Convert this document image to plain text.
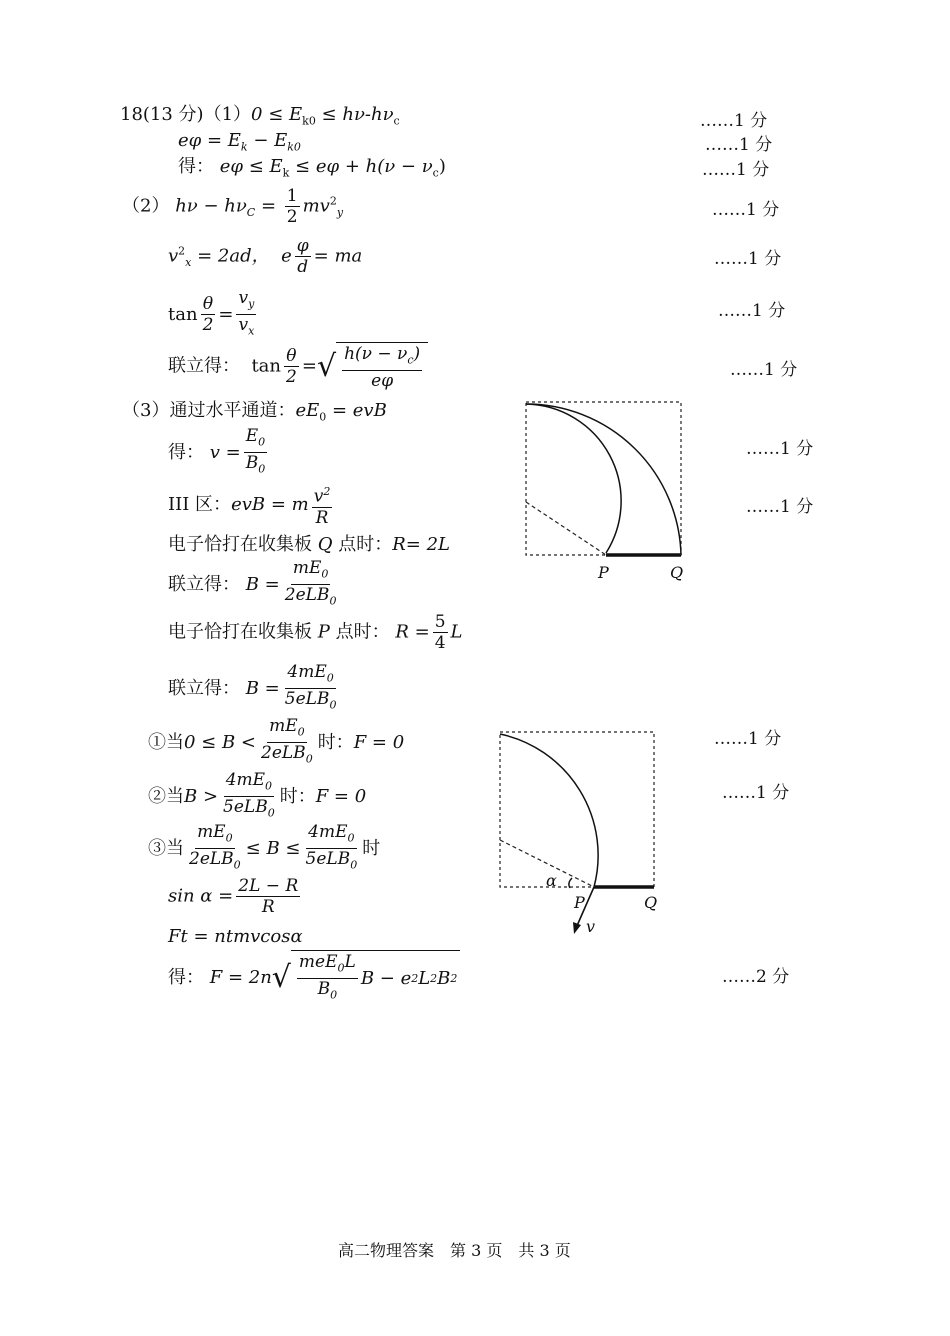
18(13 分)$(1)0 \le E_{k0} \le h\nu-h\nu_c$
$e\varphi = E_k - E_{k0}$
得： $e\varphi \le E_k \le e\varphi + h(\nu - \nu_c)$
（2） $h\nu - h\nu_C = \frac{1}{2} mv^2_y$
$v^2_x = 2ad$， e $\frac{\varphi}{d}$ = ma
$\tan \frac{\theta}{2} = \frac{v_y}{v_x}$
联立得： $\tan \frac{\theta}{2}$ = √ $\frac{h(\nu - \nu_c)}{e\varphi}$
（3）通过水平通道：$eE_0$ = evB
得： $v = \frac{E_0}{B_0}$
III 区：evB = m $\frac{v^2}{R}$
电子恰打在收集板 Q 点时：R= 2L
联立得： $B = \frac{mE_0}{2eLB_0}$
电子恰打在收集板 P 点时： $R = \frac{5}{4}$ L
联立得： $B = \frac{4mE_0}{5eLB_0}$
①当$0 \le B < \frac{mE_0}{2eLB_0}$ 时：F = 0
②当$B > \frac{4mE_0}{5eLB_0}$ 时：F = 0
③当 $\frac{mE_0}{2eLB_0} \le B \le \frac{4mE_0}{5eLB_0}$ 时
$\sin \alpha = \frac{2L - R}{R}$
Ft = ntmvcosα
得： F = 2n √ $\frac{meE_0L}{B_0}$ B − e 2 L 2 B 2
……1 分
……1 分
……1 分
……1 分
……1 分
……1 分
……1 分
……1 分
……1 分
……1 分
……1 分
……2 分
P	Q
α
P	Q
v
高二物理答案　第 3 页　共 3 页
